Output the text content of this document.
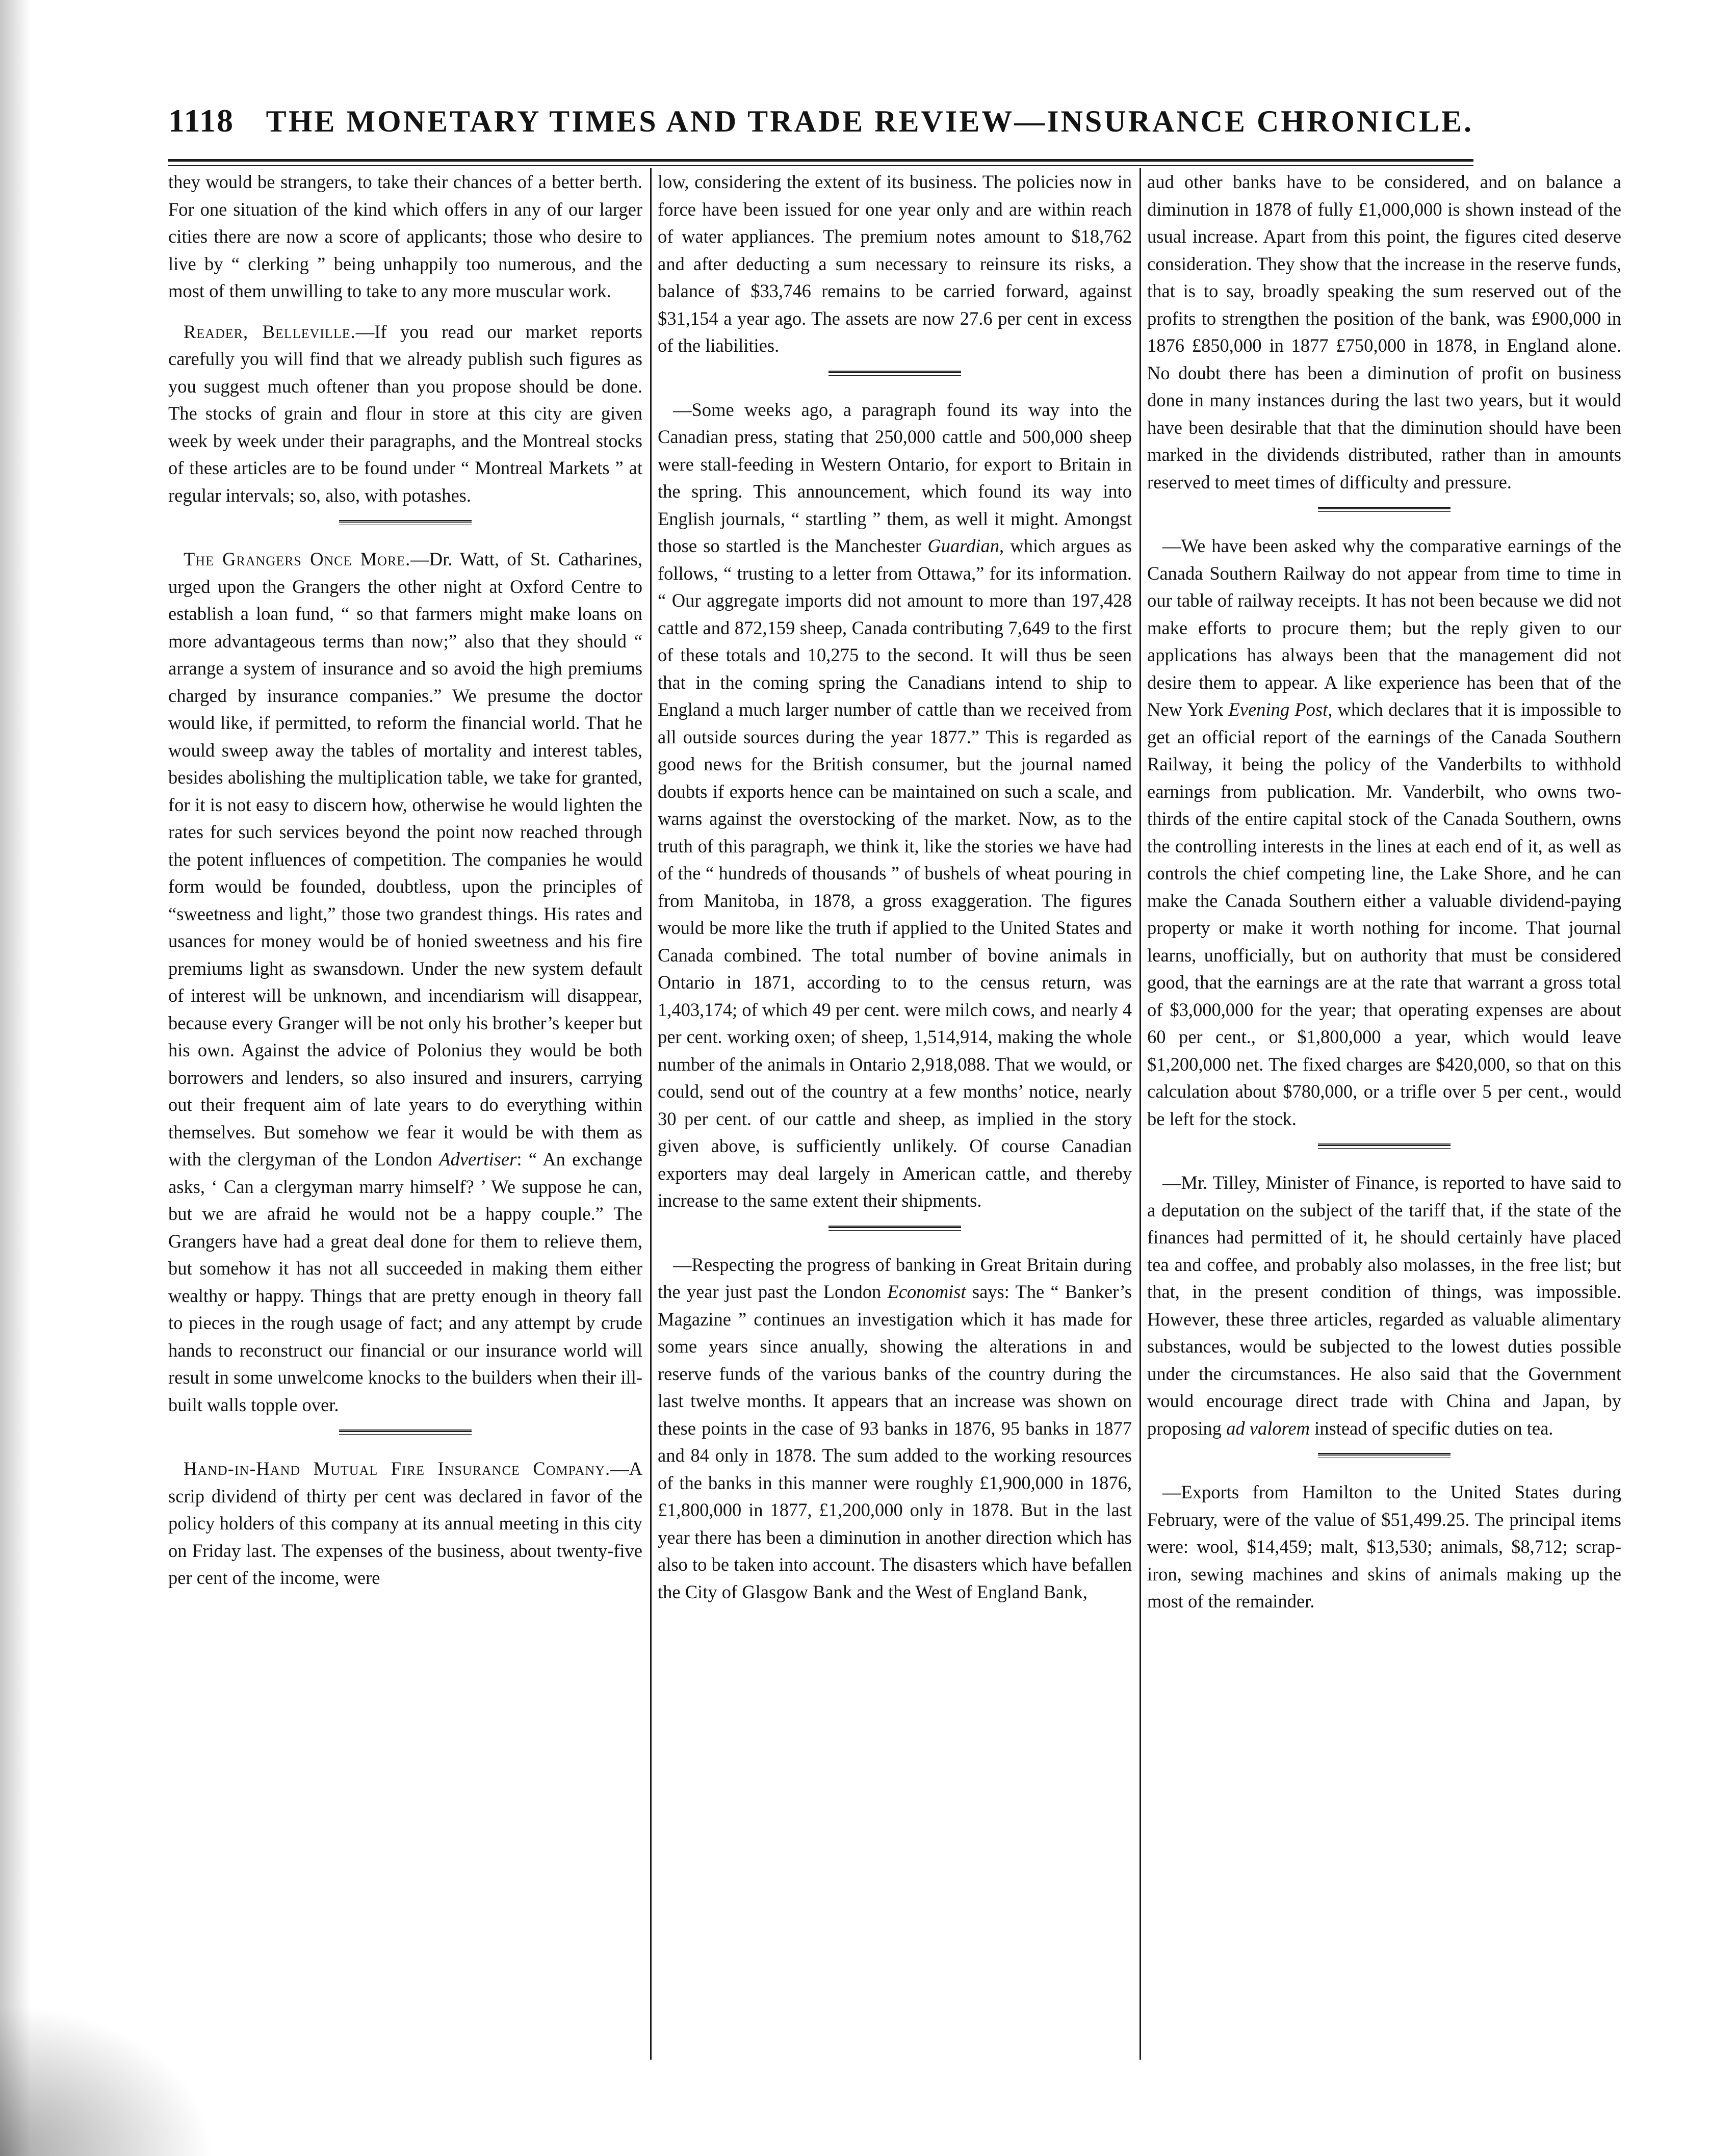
1118	THE MONETARY TIMES AND TRADE REVIEW—INSURANCE CHRONICLE.

they would be strangers, to take their chances of a better berth. For one situation of the kind which offers in any of our larger cities there are now a score of applicants; those who desire to live by “ clerking ” being unhappily too numerous, and the most of them unwilling to take to any more muscular work.

Reader, Belleville.—If you read our market reports carefully you will find that we already publish such figures as you suggest much oftener than you propose should be done. The stocks of grain and flour in store at this city are given week by week under their paragraphs, and the Montreal stocks of these articles are to be found under “ Montreal Markets ” at regular intervals; so, also, with potashes.

The Grangers Once More.—Dr. Watt, of St. Catharines, urged upon the Grangers the other night at Oxford Centre to establish a loan fund, “ so that farmers might make loans on more advantageous terms than now;” also that they should “ arrange a system of insurance and so avoid the high premiums charged by insurance companies.” We presume the doctor would like, if permitted, to reform the financial world. That he would sweep away the tables of mortality and interest tables, besides abolishing the multiplication table, we take for granted, for it is not easy to discern how, otherwise he would lighten the rates for such services beyond the point now reached through the potent influences of competition. The companies he would form would be founded, doubtless, upon the principles of “sweetness and light,” those two grandest things. His rates and usances for money would be of honied sweetness and his fire premiums light as swansdown. Under the new system default of interest will be unknown, and incendiarism will disappear, because every Granger will be not only his brother’s keeper but his own. Against the advice of Polonius they would be both borrowers and lenders, so also insured and insurers, carrying out their frequent aim of late years to do everything within themselves. But somehow we fear it would be with them as with the clergyman of the London Advertiser: “ An exchange asks, ‘ Can a clergyman marry himself? ’ We suppose he can, but we are afraid he would not be a happy couple.” The Grangers have had a great deal done for them to relieve them, but somehow it has not all succeeded in making them either wealthy or happy. Things that are pretty enough in theory fall to pieces in the rough usage of fact; and any attempt by crude hands to reconstruct our financial or our insurance world will result in some unwelcome knocks to the builders when their ill-built walls topple over.

Hand-in-Hand Mutual Fire Insurance Company.—A scrip dividend of thirty per cent was declared in favor of the policy holders of this company at its annual meeting in this city on Friday last. The expenses of the business, about twenty-five per cent of the income, were

low, considering the extent of its business. The policies now in force have been issued for one year only and are within reach of water appliances. The premium notes amount to $18,762 and after deducting a sum necessary to reinsure its risks, a balance of $33,746 remains to be carried forward, against $31,154 a year ago. The assets are now 27.6 per cent in excess of the liabilities.

—Some weeks ago, a paragraph found its way into the Canadian press, stating that 250,000 cattle and 500,000 sheep were stall-feeding in Western Ontario, for export to Britain in the spring. This announcement, which found its way into English journals, “ startling ” them, as well it might. Amongst those so startled is the Manchester Guardian, which argues as follows, “ trusting to a letter from Ottawa,” for its information. “ Our aggregate imports did not amount to more than 197,428 cattle and 872,159 sheep, Canada contributing 7,649 to the first of these totals and 10,275 to the second. It will thus be seen that in the coming spring the Canadians intend to ship to England a much larger number of cattle than we received from all outside sources during the year 1877.” This is regarded as good news for the British consumer, but the journal named doubts if exports hence can be maintained on such a scale, and warns against the overstocking of the market. Now, as to the truth of this paragraph, we think it, like the stories we have had of the “ hundreds of thousands ” of bushels of wheat pouring in from Manitoba, in 1878, a gross exaggeration. The figures would be more like the truth if applied to the United States and Canada combined. The total number of bovine animals in Ontario in 1871, according to to the census return, was 1,403,174; of which 49 per cent. were milch cows, and nearly 4 per cent. working oxen; of sheep, 1,514,914, making the whole number of the animals in Ontario 2,918,088. That we would, or could, send out of the country at a few months’ notice, nearly 30 per cent. of our cattle and sheep, as implied in the story given above, is sufficiently unlikely. Of course Canadian exporters may deal largely in American cattle, and thereby increase to the same extent their shipments.

—Respecting the progress of banking in Great Britain during the year just past the London Economist says: The “ Banker’s Magazine ” continues an investigation which it has made for some years since anually, showing the alterations in and reserve funds of the various banks of the country during the last twelve months. It appears that an increase was shown on these points in the case of 93 banks in 1876, 95 banks in 1877 and 84 only in 1878. The sum added to the working resources of the banks in this manner were roughly £1,900,000 in 1876, £1,800,000 in 1877, £1,200,000 only in 1878. But in the last year there has been a diminution in another direction which has also to be taken into account. The disasters which have befallen the City of Glasgow Bank and the West of England Bank,

aud other banks have to be considered, and on balance a diminution in 1878 of fully £1,000,000 is shown instead of the usual increase. Apart from this point, the figures cited deserve consideration. They show that the increase in the reserve funds, that is to say, broadly speaking the sum reserved out of the profits to strengthen the position of the bank, was £900,000 in 1876 £850,000 in 1877 £750,000 in 1878, in England alone. No doubt there has been a diminution of profit on business done in many instances during the last two years, but it would have been desirable that that the diminution should have been marked in the dividends distributed, rather than in amounts reserved to meet times of difficulty and pressure.

—We have been asked why the comparative earnings of the Canada Southern Railway do not appear from time to time in our table of railway receipts. It has not been because we did not make efforts to procure them; but the reply given to our applications has always been that the management did not desire them to appear. A like experience has been that of the New York Evening Post, which declares that it is impossible to get an official report of the earnings of the Canada Southern Railway, it being the policy of the Vanderbilts to withhold earnings from publication. Mr. Vanderbilt, who owns two-thirds of the entire capital stock of the Canada Southern, owns the controlling interests in the lines at each end of it, as well as controls the chief competing line, the Lake Shore, and he can make the Canada Southern either a valuable dividend-paying property or make it worth nothing for income. That journal learns, unofficially, but on authority that must be considered good, that the earnings are at the rate that warrant a gross total of $3,000,000 for the year; that operating expenses are about 60 per cent., or $1,800,000 a year, which would leave $1,200,000 net. The fixed charges are $420,000, so that on this calculation about $780,000, or a trifle over 5 per cent., would be left for the stock.

—Mr. Tilley, Minister of Finance, is reported to have said to a deputation on the subject of the tariff that, if the state of the finances had permitted of it, he should certainly have placed tea and coffee, and probably also molasses, in the free list; but that, in the present condition of things, was impossible. However, these three articles, regarded as valuable alimentary substances, would be subjected to the lowest duties possible under the circumstances. He also said that the Government would encourage direct trade with China and Japan, by proposing ad valorem instead of specific duties on tea.

—Exports from Hamilton to the United States during February, were of the value of $51,499.25. The principal items were: wool, $14,459; malt, $13,530; animals, $8,712; scrap-iron, sewing machines and skins of animals making up the most of the remainder.
